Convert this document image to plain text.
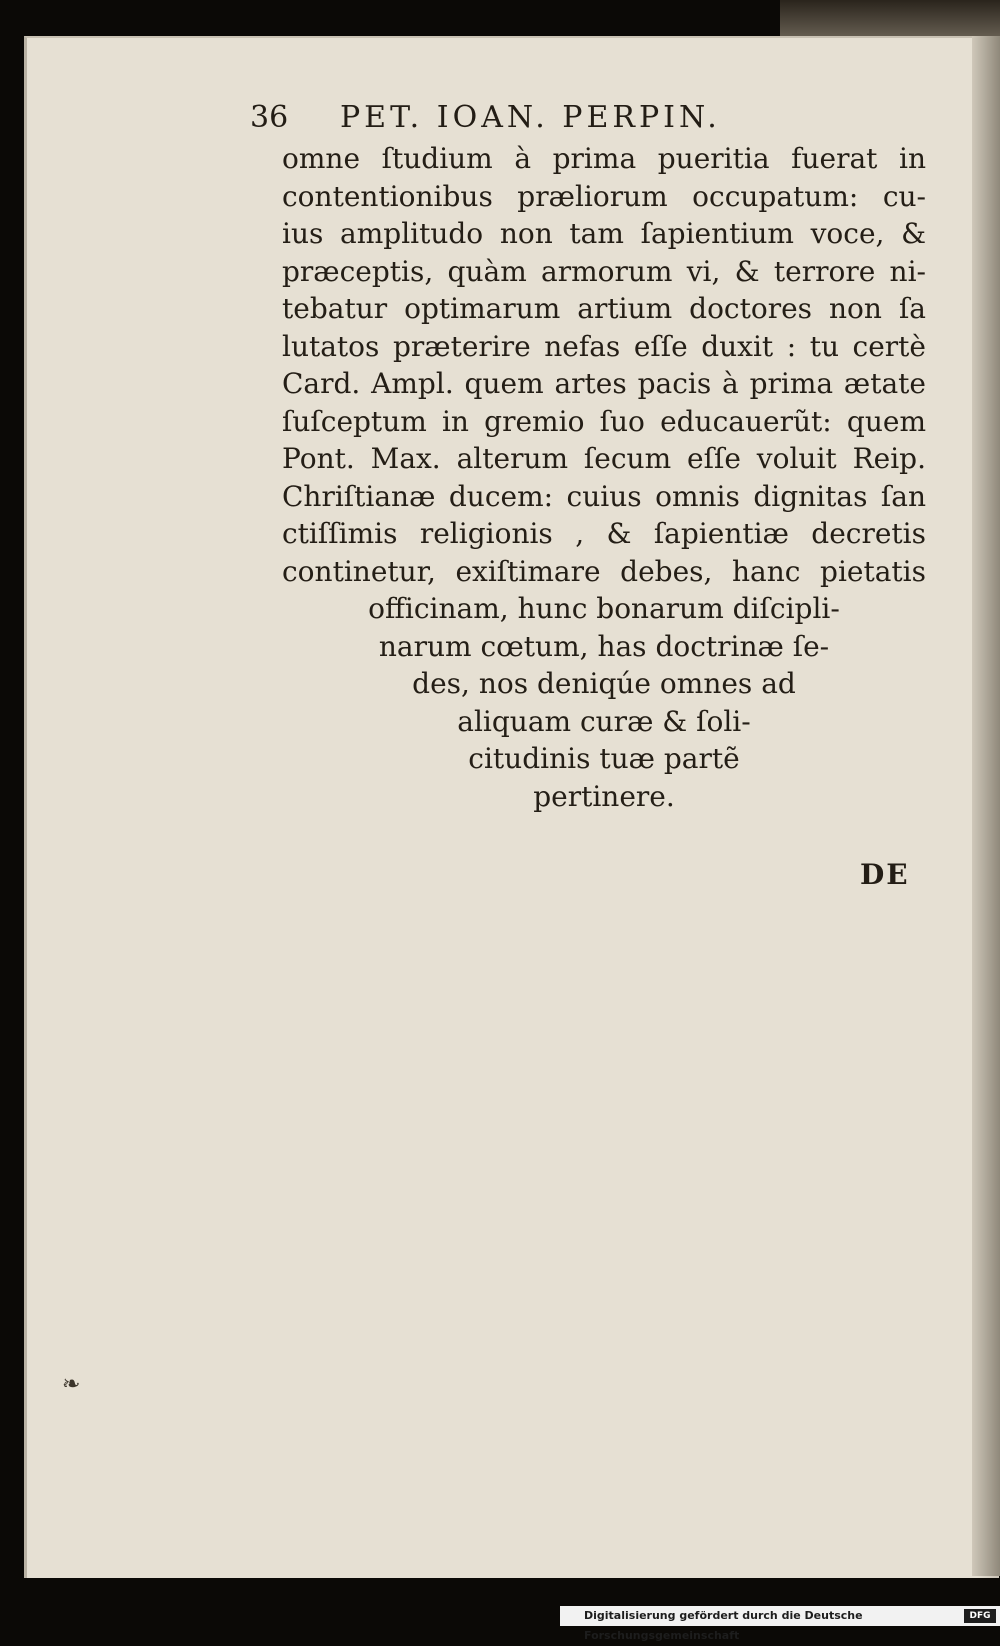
36 PET. IOAN. PERPIN.
omne ſtudium à prima pueritia fuerat in
contentionibus præliorum occupatum: cu-
ius amplitudo non tam ſapientium voce, &
præceptis, quàm armorum vi, & terrore ni-
tebatur optimarum artium doctores non ſa
lutatos præterire nefas eſſe duxit : tu certè
Card. Ampl. quem artes pacis à prima ætate
ſuſceptum in gremio ſuo educauerũt: quem
Pont. Max. alterum ſecum eſſe voluit Reip.
Chriſtianæ ducem: cuius omnis dignitas ſan
ctiſſimis religionis , & ſapientiæ decretis
continetur, exiſtimare debes, hanc pietatis
officinam, hunc bonarum diſcipli-
narum cœtum, has doctrinæ ſe-
des, nos deniqúe omnes ad
aliquam curæ & ſoli-
citudinis tuæ partẽ
pertinere.
DE
❧
Digitalisierung gefördert durch die Deutsche Forschungsgemeinschaft
DFG
